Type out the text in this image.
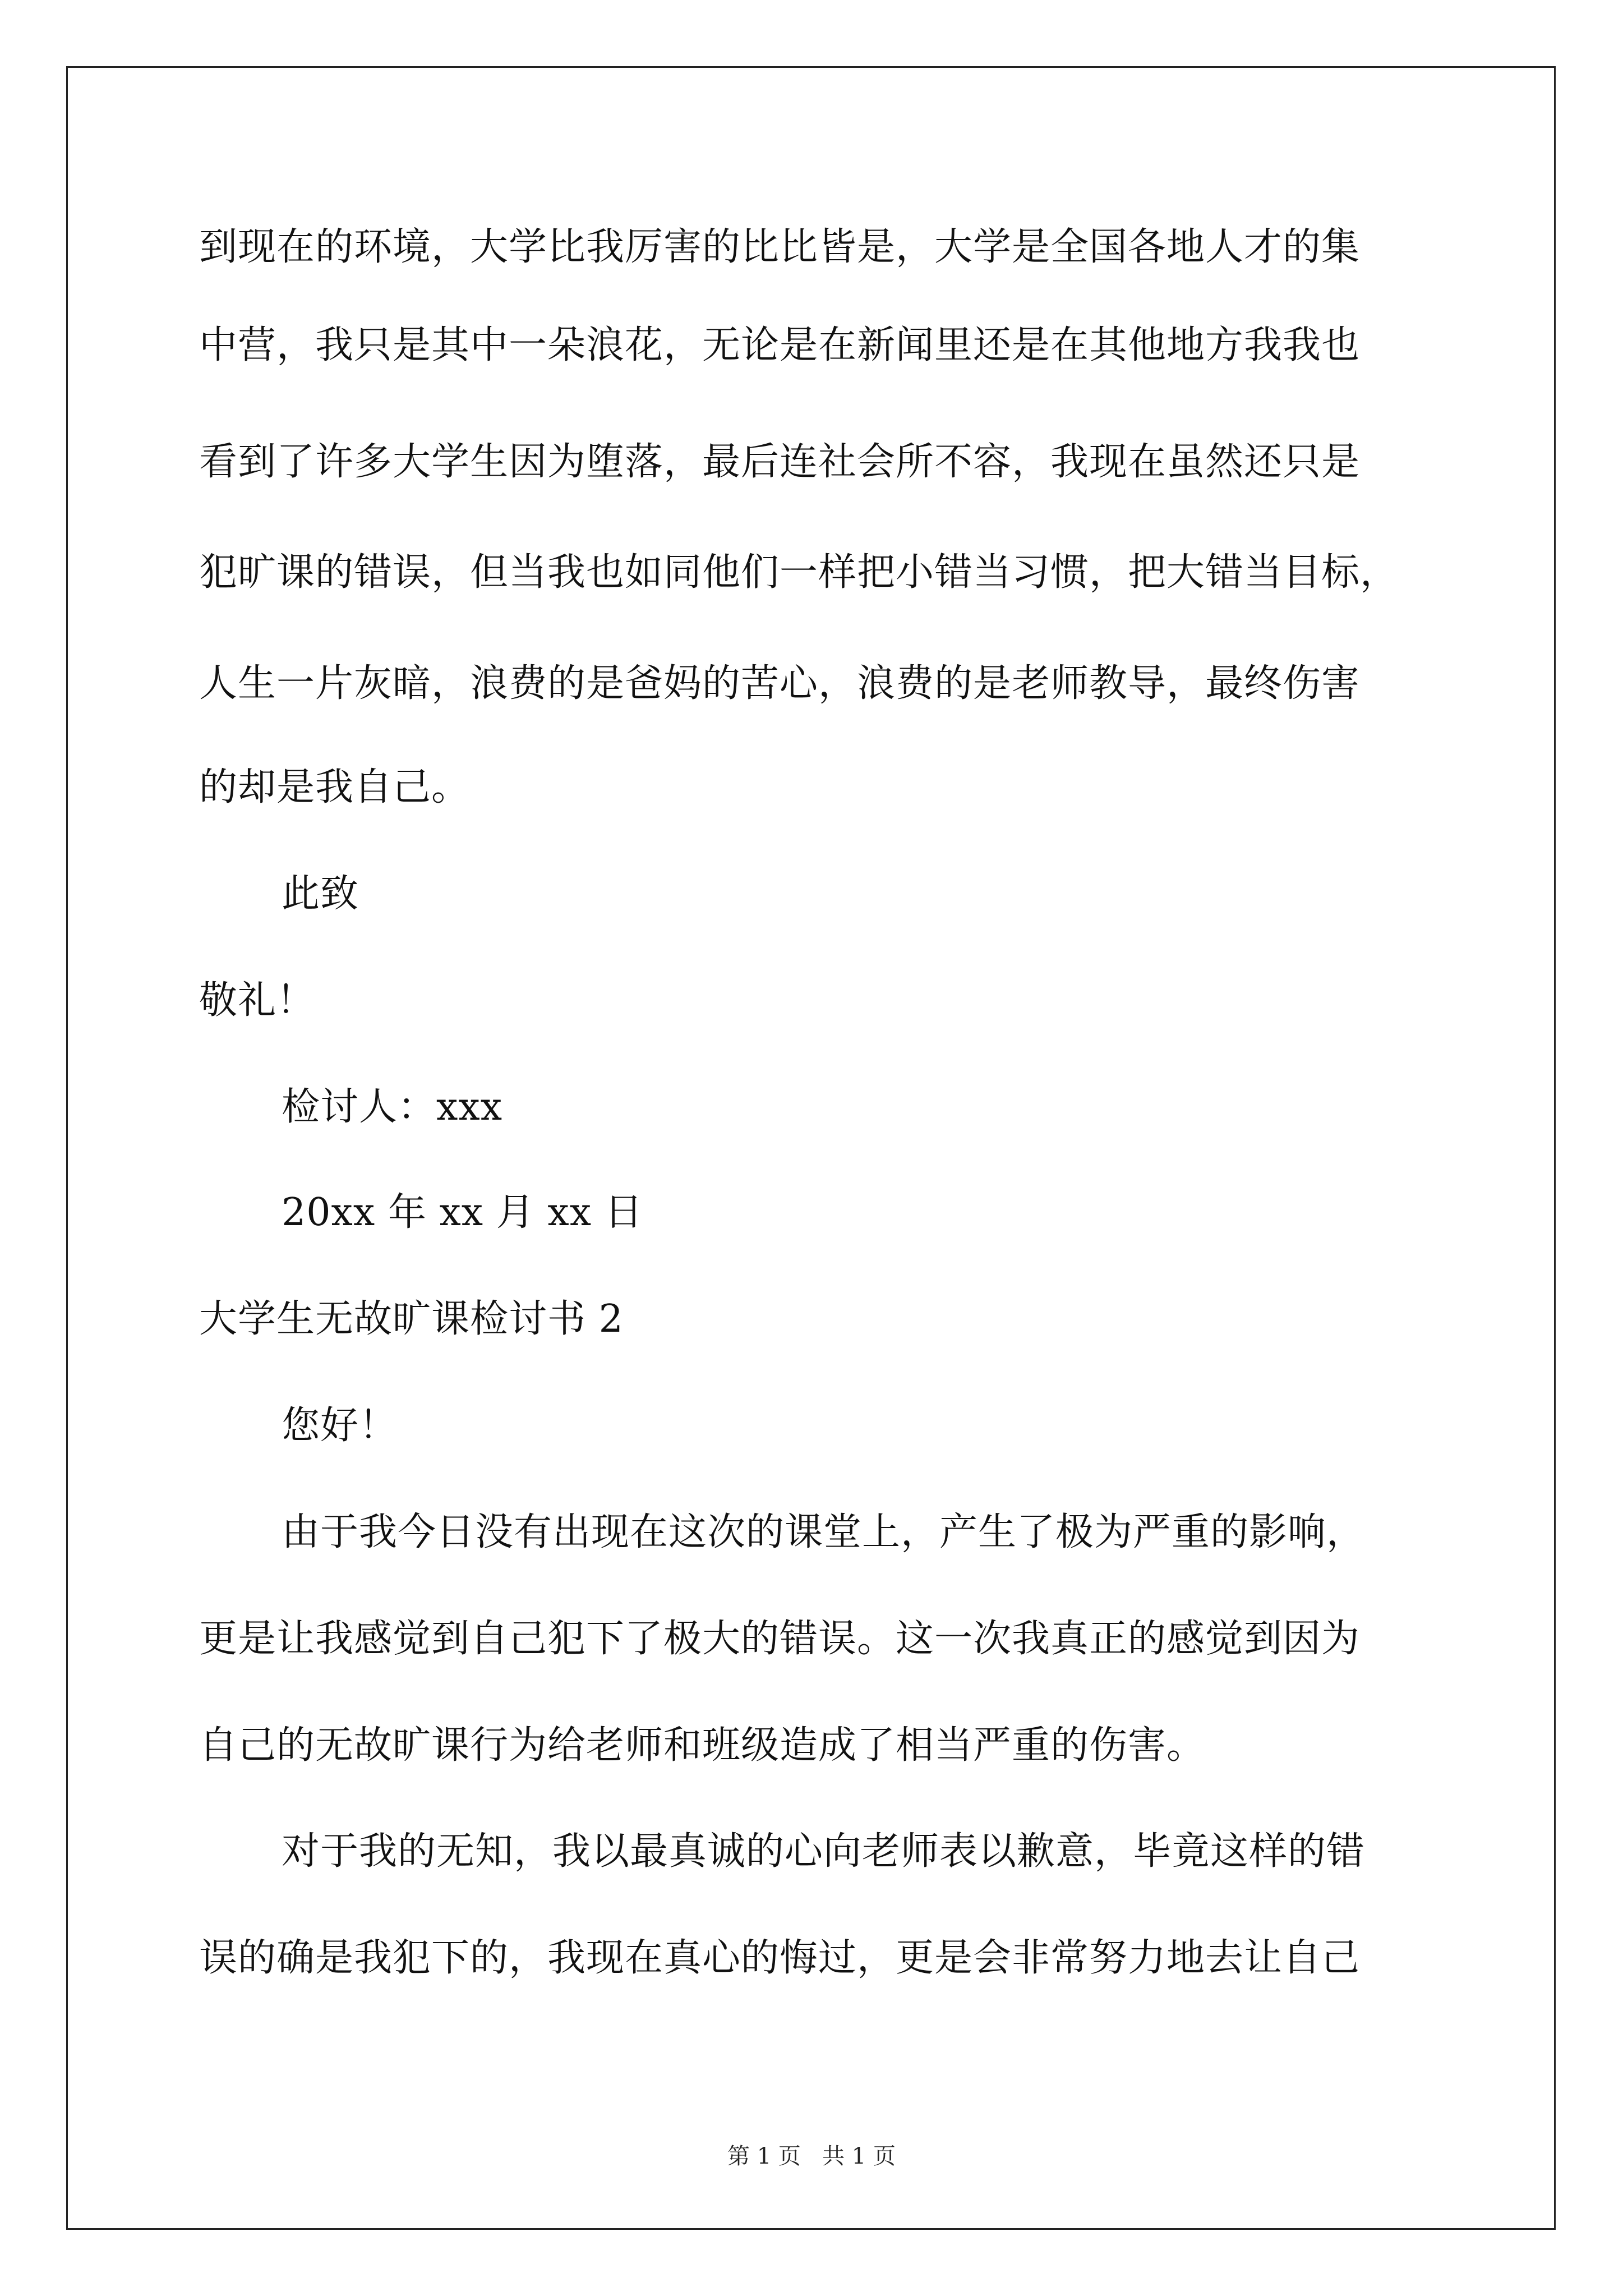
到现在的环境，大学比我厉害的比比皆是，大学是全国各地人才的集
中营，我只是其中一朵浪花，无论是在新闻里还是在其他地方我我也
看到了许多大学生因为堕落，最后连社会所不容，我现在虽然还只是
犯旷课的错误，但当我也如同他们一样把小错当习惯，把大错当目标，
人生一片灰暗，浪费的是爸妈的苦心，浪费的是老师教导，最终伤害
的却是我自己。
此致
敬礼！
检讨人：xxx
20xx 年 xx 月 xx 日
大学生无故旷课检讨书 2
您好！
由于我今日没有出现在这次的课堂上，产生了极为严重的影响，
更是让我感觉到自己犯下了极大的错误。这一次我真正的感觉到因为
自己的无故旷课行为给老师和班级造成了相当严重的伤害。
对于我的无知，我以最真诚的心向老师表以歉意，毕竟这样的错
误的确是我犯下的，我现在真心的悔过，更是会非常努力地去让自己
第 1 页   共 1 页
